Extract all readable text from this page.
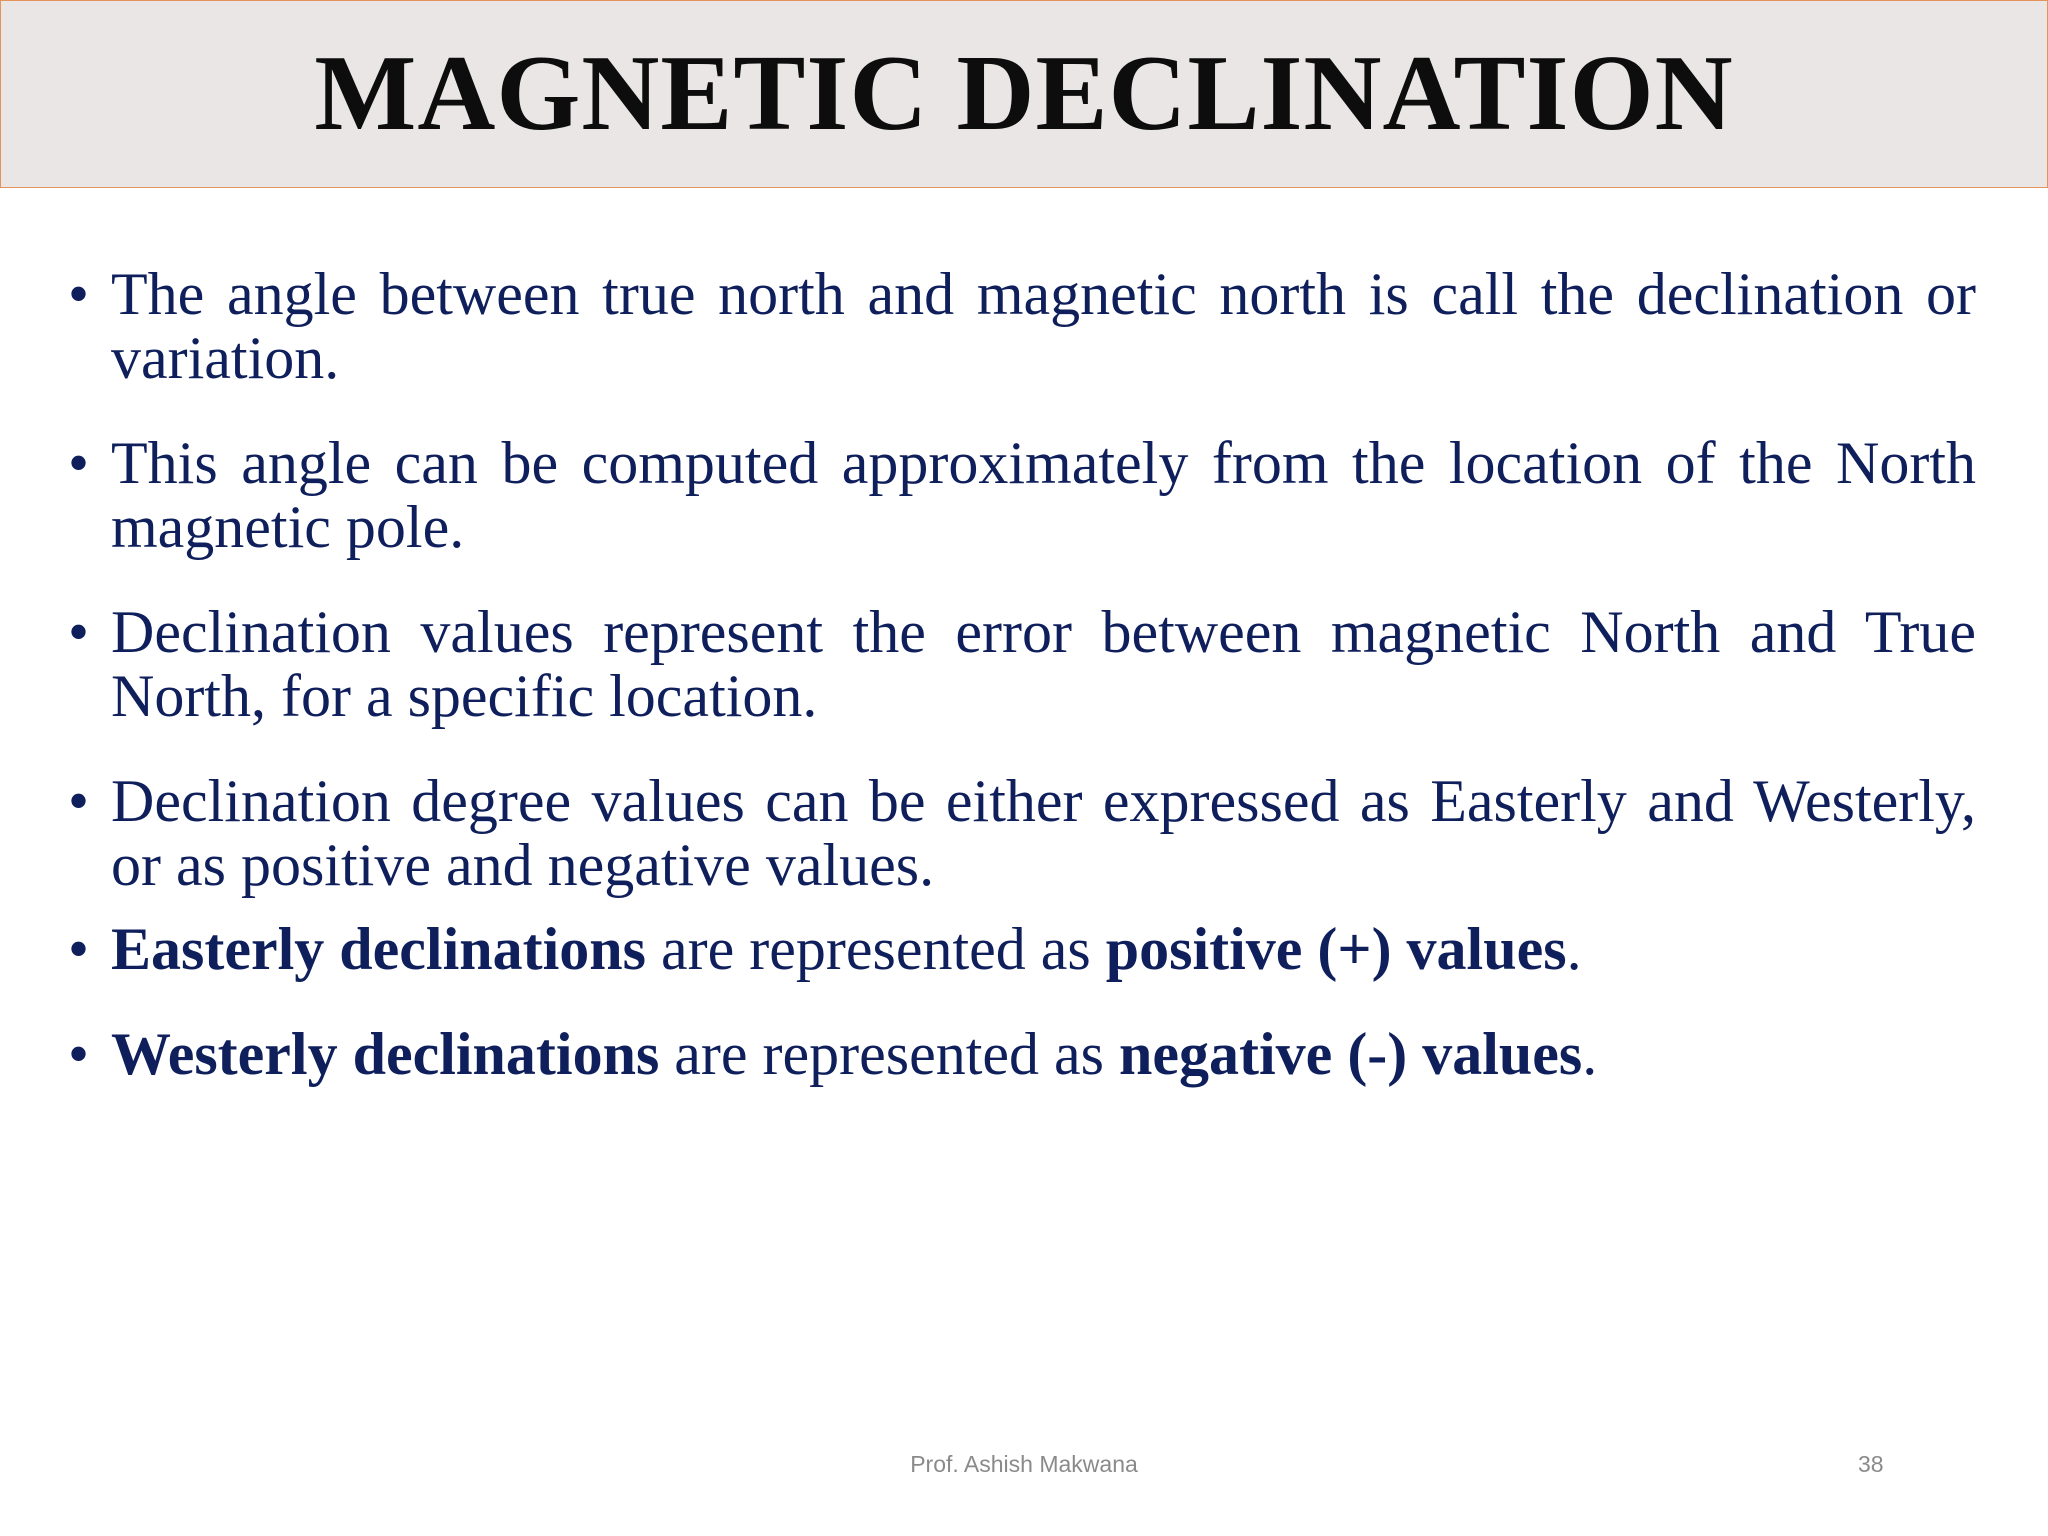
MAGNETIC DECLINATION
• The angle between true north and magnetic north is call the declination or variation.
• This angle can be computed approximately from the location of the North magnetic pole.
• Declination values represent the error between magnetic North and True North, for a specific location.
• Declination degree values can be either expressed as Easterly and Westerly, or as positive and negative values.
• Easterly declinations are represented as positive (+) values.
• Westerly declinations are represented as negative (-) values.
Prof. Ashish Makwana	38
